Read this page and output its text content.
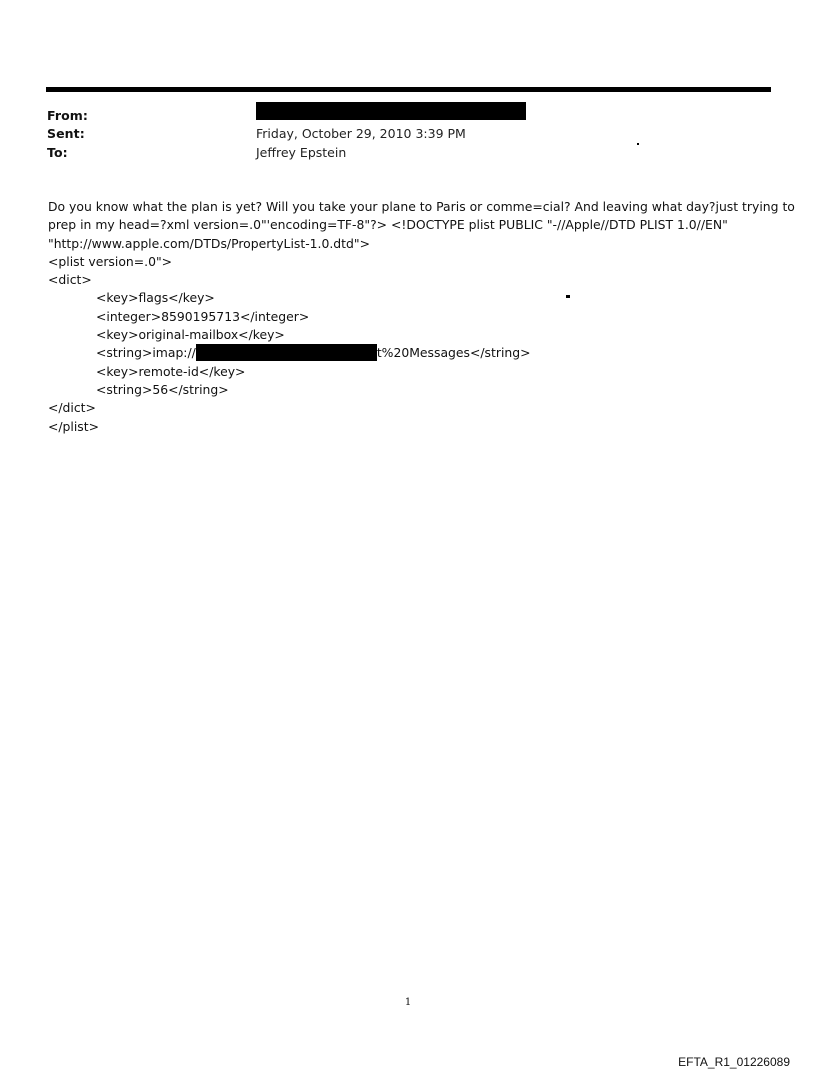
From:
Sent:	Friday, October 29, 2010 3:39 PM
To:	Jeffrey Epstein
Do you know what the plan is yet? Will you take your plane to Paris or comme=cial? And leaving what day?just trying to
prep in my head=?xml version=.0"'encoding=TF-8"?> <!DOCTYPE plist PUBLIC "-//Apple//DTD PLIST 1.0//EN"
"http://www.apple.com/DTDs/PropertyList-1.0.dtd">
<plist version=.0">
<dict>
<key>flags</key>
<integer>8590195713</integer>
<key>original-mailbox</key>
<string>imap://	t%20Messages</string>
<key>remote-id</key>
<string>56</string>
</dict>
</plist>
1
EFTA_R1_01226089
